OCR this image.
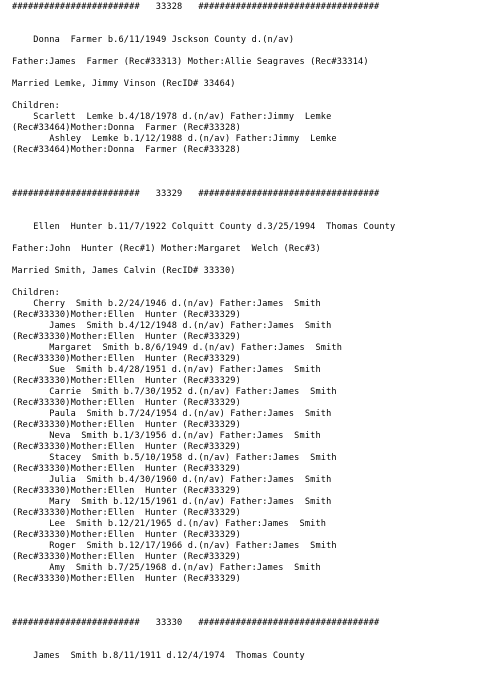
########################   33328   ##################################
Donna  Farmer b.6/11/1949 Jsckson County d.(n/av)
Father:James  Farmer (Rec#33313) Mother:Allie Seagraves (Rec#33314)
Married Lemke, Jimmy Vinson (RecID# 33464)
Children:
Scarlett  Lemke b.4/18/1978 d.(n/av) Father:Jimmy  Lemke
(Rec#33464)Mother:Donna  Farmer (Rec#33328)
Ashley  Lemke b.1/12/1988 d.(n/av) Father:Jimmy  Lemke
(Rec#33464)Mother:Donna  Farmer (Rec#33328)
########################   33329   ##################################
Ellen  Hunter b.11/7/1922 Colquitt County d.3/25/1994  Thomas County
Father:John  Hunter (Rec#1) Mother:Margaret  Welch (Rec#3)
Married Smith, James Calvin (RecID# 33330)
Children:
Cherry  Smith b.2/24/1946 d.(n/av) Father:James  Smith
(Rec#33330)Mother:Ellen  Hunter (Rec#33329)
James  Smith b.4/12/1948 d.(n/av) Father:James  Smith
(Rec#33330)Mother:Ellen  Hunter (Rec#33329)
Margaret  Smith b.8/6/1949 d.(n/av) Father:James  Smith
(Rec#33330)Mother:Ellen  Hunter (Rec#33329)
Sue  Smith b.4/28/1951 d.(n/av) Father:James  Smith
(Rec#33330)Mother:Ellen  Hunter (Rec#33329)
Carrie  Smith b.7/30/1952 d.(n/av) Father:James  Smith
(Rec#33330)Mother:Ellen  Hunter (Rec#33329)
Paula  Smith b.7/24/1954 d.(n/av) Father:James  Smith
(Rec#33330)Mother:Ellen  Hunter (Rec#33329)
Neva  Smith b.1/3/1956 d.(n/av) Father:James  Smith
(Rec#33330)Mother:Ellen  Hunter (Rec#33329)
Stacey  Smith b.5/10/1958 d.(n/av) Father:James  Smith
(Rec#33330)Mother:Ellen  Hunter (Rec#33329)
Julia  Smith b.4/30/1960 d.(n/av) Father:James  Smith
(Rec#33330)Mother:Ellen  Hunter (Rec#33329)
Mary  Smith b.12/15/1961 d.(n/av) Father:James  Smith
(Rec#33330)Mother:Ellen  Hunter (Rec#33329)
Lee  Smith b.12/21/1965 d.(n/av) Father:James  Smith
(Rec#33330)Mother:Ellen  Hunter (Rec#33329)
Roger  Smith b.12/17/1966 d.(n/av) Father:James  Smith
(Rec#33330)Mother:Ellen  Hunter (Rec#33329)
Amy  Smith b.7/25/1968 d.(n/av) Father:James  Smith
(Rec#33330)Mother:Ellen  Hunter (Rec#33329)
########################   33330   ##################################
James  Smith b.8/11/1911 d.12/4/1974  Thomas County
